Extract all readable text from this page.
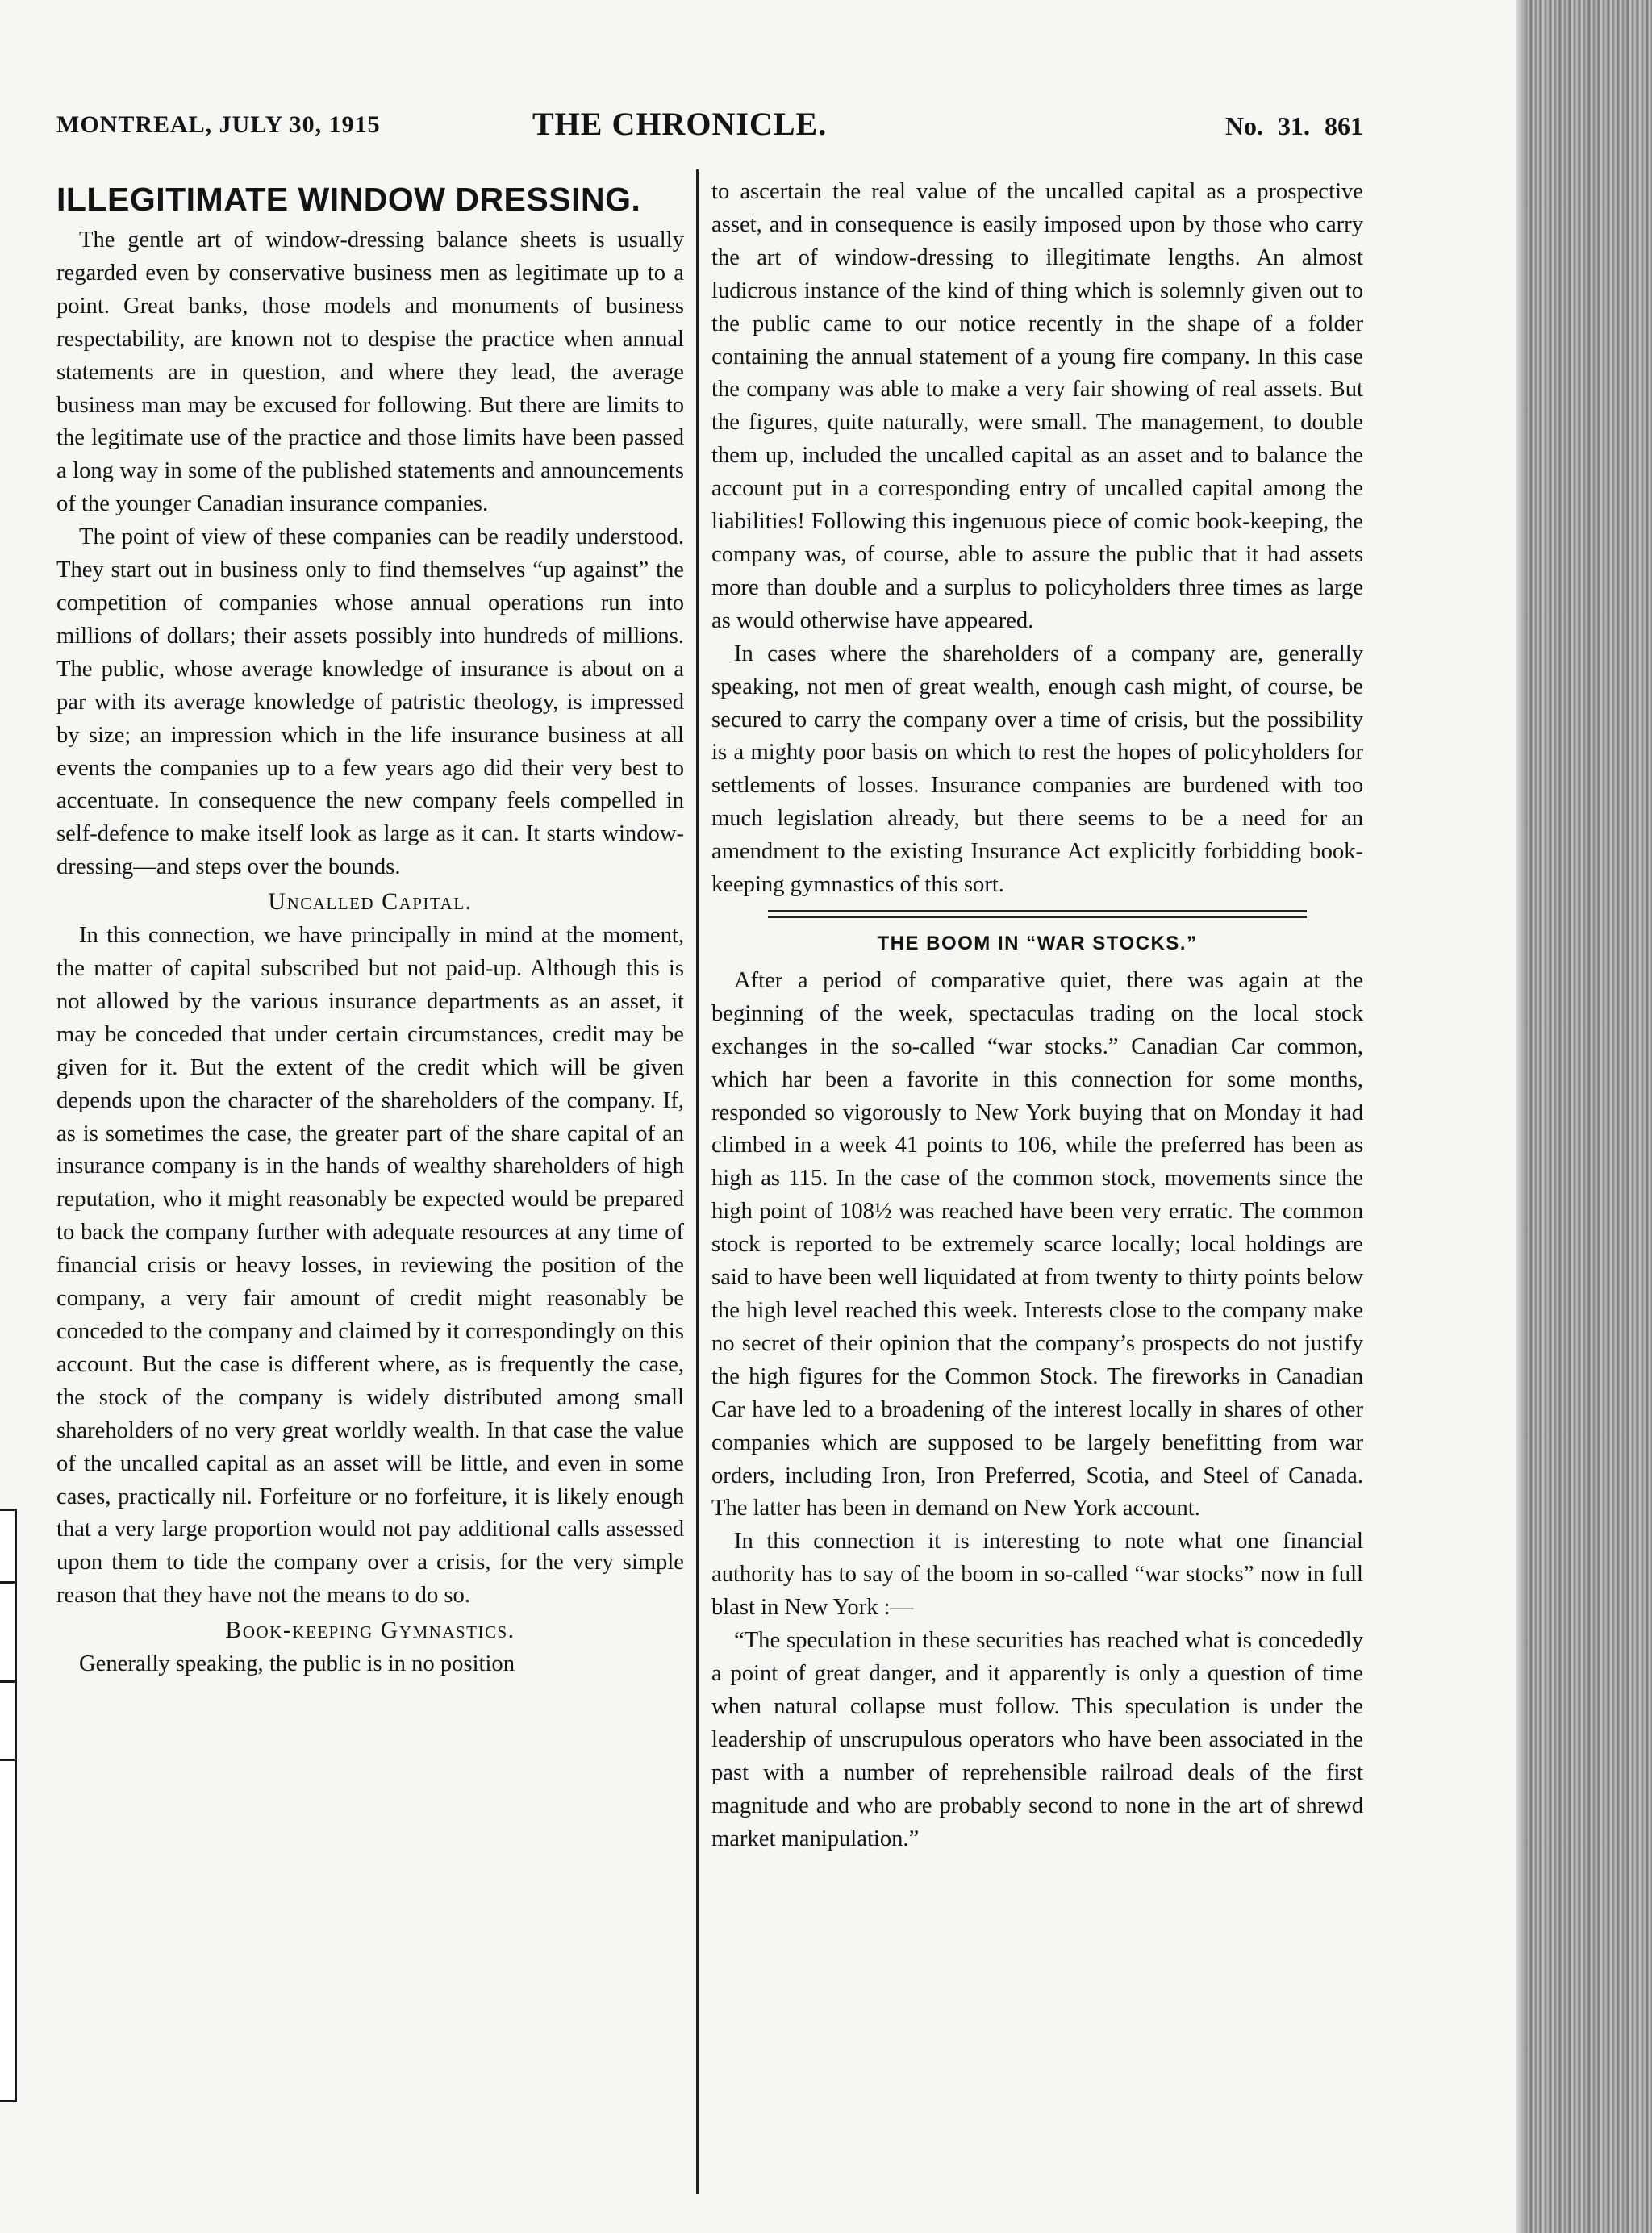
MONTREAL, JULY 30, 1915	THE CHRONICLE.	No. 31. 861
ILLEGITIMATE WINDOW DRESSING.

The gentle art of window-dressing balance sheets is usually regarded even by conservative business men as legitimate up to a point. Great banks, those models and monuments of business respectability, are known not to despise the practice when annual statements are in question, and where they lead, the average business man may be excused for following. But there are limits to the legitimate use of the practice and those limits have been passed a long way in some of the published statements and announcements of the younger Canadian insurance companies.

The point of view of these companies can be readily understood. They start out in business only to find themselves “up against” the competition of companies whose annual operations run into millions of dollars; their assets possibly into hundreds of millions. The public, whose average knowledge of insurance is about on a par with its average knowledge of patristic theology, is impressed by size; an impression which in the life insurance business at all events the companies up to a few years ago did their very best to accentuate. In consequence the new company feels compelled in self-defence to make itself look as large as it can. It starts window-dressing—and steps over the bounds.

Uncalled Capital.

In this connection, we have principally in mind at the moment, the matter of capital subscribed but not paid-up. Although this is not allowed by the various insurance departments as an asset, it may be conceded that under certain circumstances, credit may be given for it. But the extent of the credit which will be given depends upon the character of the shareholders of the company. If, as is sometimes the case, the greater part of the share capital of an insurance company is in the hands of wealthy shareholders of high reputation, who it might reasonably be expected would be prepared to back the company further with adequate resources at any time of financial crisis or heavy losses, in reviewing the position of the company, a very fair amount of credit might reasonably be conceded to the company and claimed by it correspondingly on this account. But the case is different where, as is frequently the case, the stock of the company is widely distributed among small shareholders of no very great worldly wealth. In that case the value of the uncalled capital as an asset will be little, and even in some cases, practically nil. Forfeiture or no forfeiture, it is likely enough that a very large proportion would not pay additional calls assessed upon them to tide the company over a crisis, for the very simple reason that they have not the means to do so.

Book-keeping Gymnastics.

Generally speaking, the public is in no position

to ascertain the real value of the uncalled capital as a prospective asset, and in consequence is easily imposed upon by those who carry the art of window-dressing to illegitimate lengths. An almost ludicrous instance of the kind of thing which is solemnly given out to the public came to our notice recently in the shape of a folder containing the annual statement of a young fire company. In this case the company was able to make a very fair showing of real assets. But the figures, quite naturally, were small. The management, to double them up, included the uncalled capital as an asset and to balance the account put in a corresponding entry of uncalled capital among the liabilities! Following this ingenuous piece of comic book-keeping, the company was, of course, able to assure the public that it had assets more than double and a surplus to policyholders three times as large as would otherwise have appeared.

In cases where the shareholders of a company are, generally speaking, not men of great wealth, enough cash might, of course, be secured to carry the company over a time of crisis, but the possibility is a mighty poor basis on which to rest the hopes of policyholders for settlements of losses. Insurance companies are burdened with too much legislation already, but there seems to be a need for an amendment to the existing Insurance Act explicitly forbidding book-keeping gymnastics of this sort.

THE BOOM IN “WAR STOCKS.”

After a period of comparative quiet, there was again at the beginning of the week, spectaculas trading on the local stock exchanges in the so-called “war stocks.” Canadian Car common, which har been a favorite in this connection for some months, responded so vigorously to New York buying that on Monday it had climbed in a week 41 points to 106, while the preferred has been as high as 115. In the case of the common stock, movements since the high point of 108½ was reached have been very erratic. The common stock is reported to be extremely scarce locally; local holdings are said to have been well liquidated at from twenty to thirty points below the high level reached this week. Interests close to the company make no secret of their opinion that the company’s prospects do not justify the high figures for the Common Stock. The fireworks in Canadian Car have led to a broadening of the interest locally in shares of other companies which are supposed to be largely benefitting from war orders, including Iron, Iron Preferred, Scotia, and Steel of Canada. The latter has been in demand on New York account.

In this connection it is interesting to note what one financial authority has to say of the boom in so-called “war stocks” now in full blast in New York :—

“The speculation in these securities has reached what is concededly a point of great danger, and it apparently is only a question of time when natural collapse must follow. This speculation is under the leadership of unscrupulous operators who have been associated in the past with a number of reprehensible railroad deals of the first magnitude and who are probably second to none in the art of shrewd market manipulation.”
